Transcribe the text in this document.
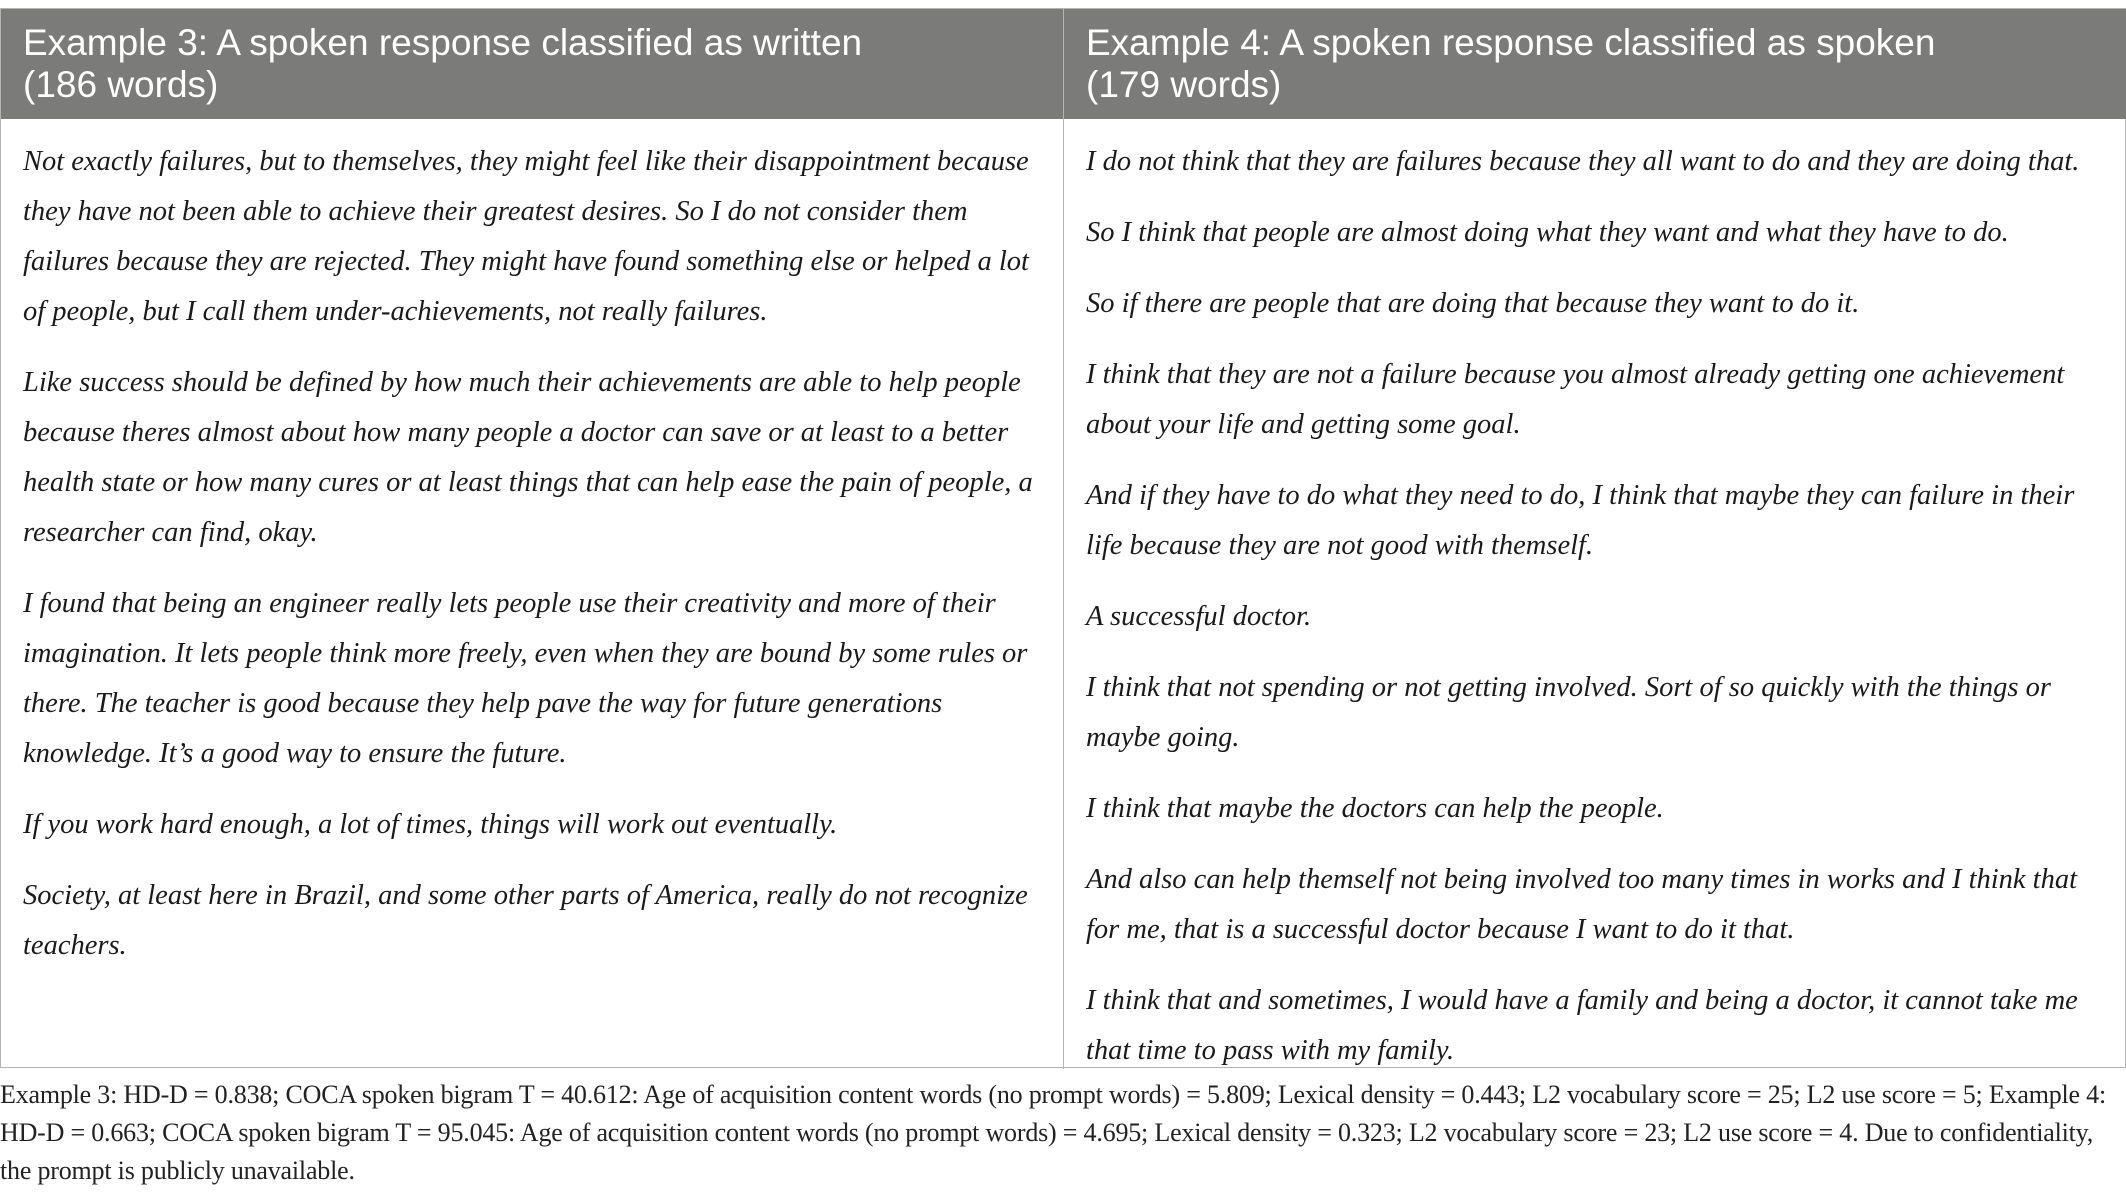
Example 3: A spoken response classified as written
(186 words)
Example 4: A spoken response classified as spoken
(179 words)

Not exactly failures, but to themselves, they might feel like their disappointment because they have not been able to achieve their greatest desires. So I do not consider them failures because they are rejected. They might have found something else or helped a lot of people, but I call them under-achievements, not really failures.

Like success should be defined by how much their achievements are able to help people because theres almost about how many people a doctor can save or at least to a better health state or how many cures or at least things that can help ease the pain of people, a researcher can find, okay.

I found that being an engineer really lets people use their creativity and more of their imagination. It lets people think more freely, even when they are bound by some rules or there. The teacher is good because they help pave the way for future generations knowledge. It’s a good way to ensure the future.

If you work hard enough, a lot of times, things will work out eventually.

Society, at least here in Brazil, and some other parts of America, really do not recognize teachers.

I do not think that they are failures because they all want to do and they are doing that.

So I think that people are almost doing what they want and what they have to do.

So if there are people that are doing that because they want to do it.

I think that they are not a failure because you almost already getting one achievement about your life and getting some goal.

And if they have to do what they need to do, I think that maybe they can failure in their life because they are not good with themself.

A successful doctor.

I think that not spending or not getting involved. Sort of so quickly with the things or maybe going.

I think that maybe the doctors can help the people.

And also can help themself not being involved too many times in works and I think that for me, that is a successful doctor because I want to do it that.

I think that and sometimes, I would have a family and being a doctor, it cannot take me that time to pass with my family.

Example 3: HD-D = 0.838; COCA spoken bigram T = 40.612: Age of acquisition content words (no prompt words) = 5.809; Lexical density = 0.443; L2 vocabulary score = 25; L2 use score = 5; Example 4: HD-D = 0.663; COCA spoken bigram T = 95.045: Age of acquisition content words (no prompt words) = 4.695; Lexical density = 0.323; L2 vocabulary score = 23; L2 use score = 4. Due to confidentiality, the prompt is publicly unavailable.
